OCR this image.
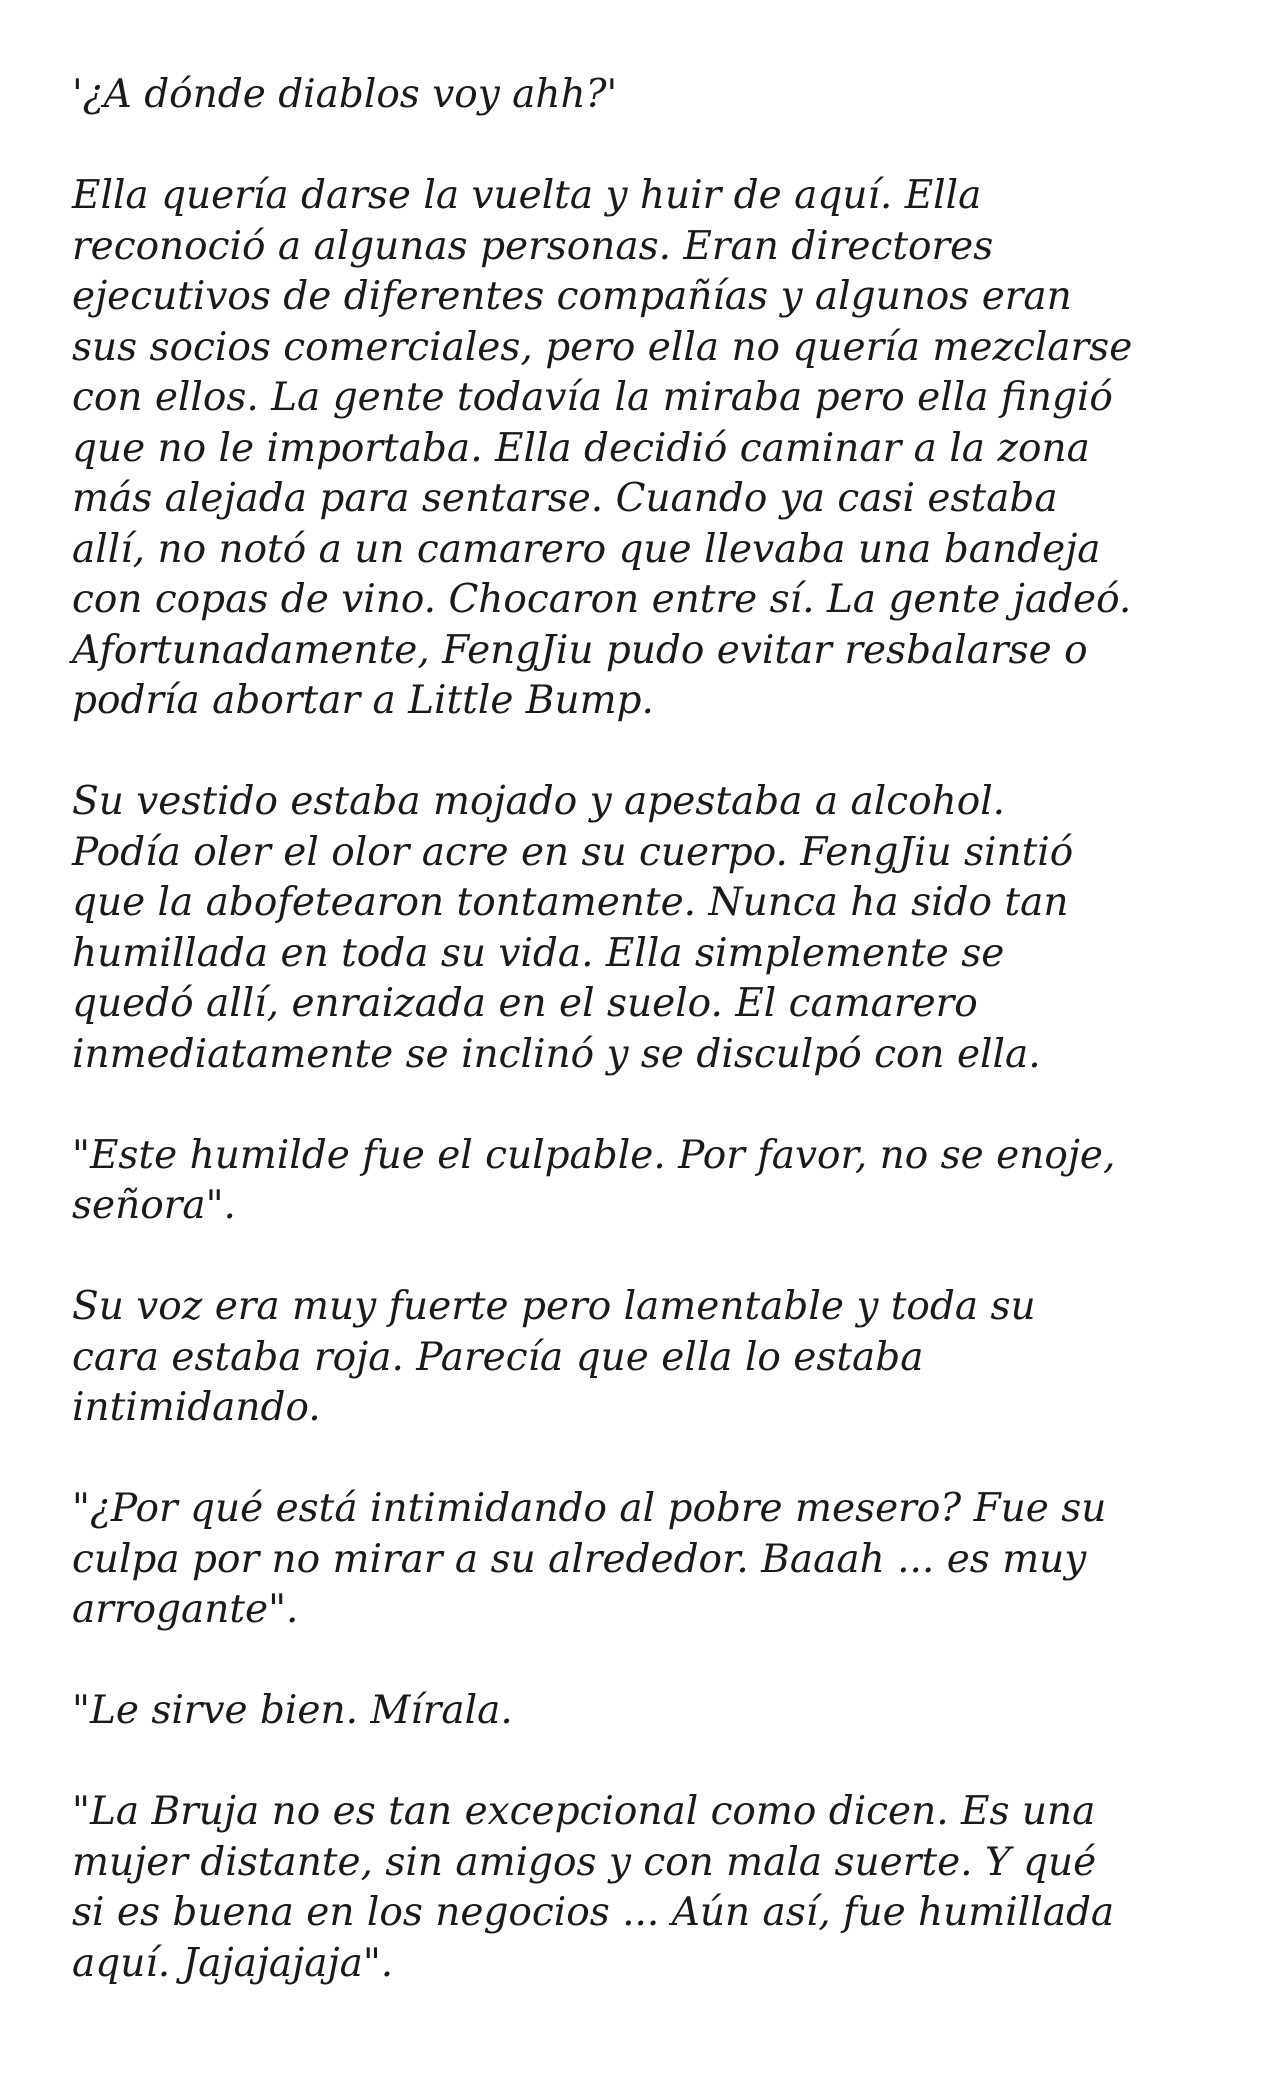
'¿A dónde diablos voy ahh?'

Ella quería darse la vuelta y huir de aquí. Ella
reconoció a algunas personas. Eran directores
ejecutivos de diferentes compañías y algunos eran
sus socios comerciales, pero ella no quería mezclarse
con ellos. La gente todavía la miraba pero ella fingió
que no le importaba. Ella decidió caminar a la zona
más alejada para sentarse. Cuando ya casi estaba
allí, no notó a un camarero que llevaba una bandeja
con copas de vino. Chocaron entre sí. La gente jadeó.
Afortunadamente, FengJiu pudo evitar resbalarse o
podría abortar a Little Bump.

Su vestido estaba mojado y apestaba a alcohol.
Podía oler el olor acre en su cuerpo. FengJiu sintió
que la abofetearon tontamente. Nunca ha sido tan
humillada en toda su vida. Ella simplemente se
quedó allí, enraizada en el suelo. El camarero
inmediatamente se inclinó y se disculpó con ella.

"Este humilde fue el culpable. Por favor, no se enoje,
señora".

Su voz era muy fuerte pero lamentable y toda su
cara estaba roja. Parecía que ella lo estaba
intimidando.

"¿Por qué está intimidando al pobre mesero? Fue su
culpa por no mirar a su alrededor. Baaah ... es muy
arrogante".

"Le sirve bien. Mírala.

"La Bruja no es tan excepcional como dicen. Es una
mujer distante, sin amigos y con mala suerte. Y qué
si es buena en los negocios ... Aún así, fue humillada
aquí. Jajajajaja".
